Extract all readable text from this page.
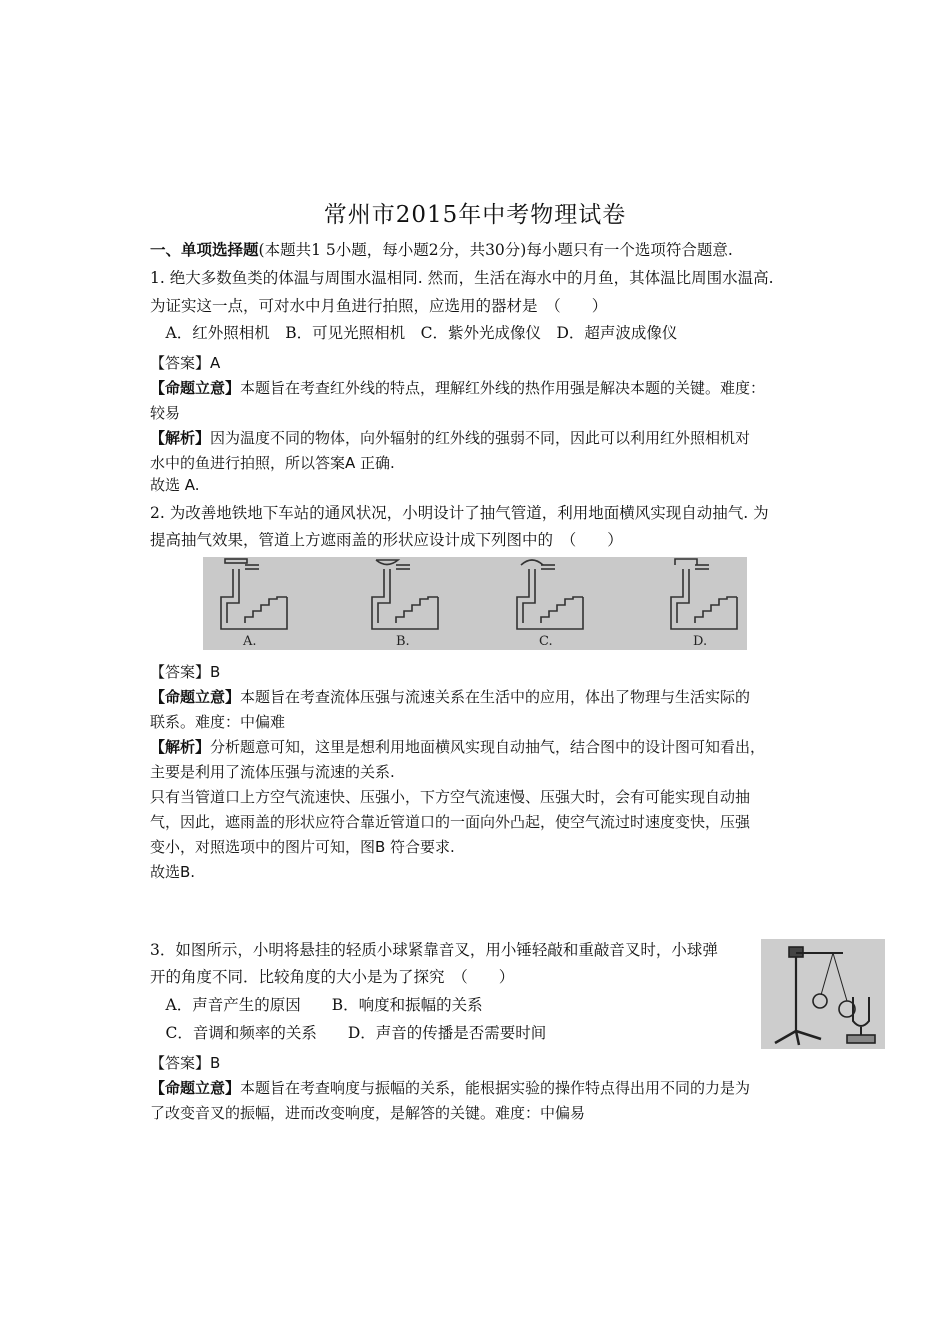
常州市2015年中考物理试卷
一、单项选择题(本题共1 5小题，每小题2分，共30分)每小题只有一个选项符合题意.
1. 绝大多数鱼类的体温与周围水温相同. 然而，生活在海水中的月鱼，其体温比周围水温高.
为证实这一点，可对水中月鱼进行拍照，应选用的器材是　（　　）
　A．红外照相机　B．可见光照相机　C．紫外光成像仪　D．超声波成像仪
【答案】A
【命题立意】本题旨在考查红外线的特点，理解红外线的热作用强是解决本题的关键。难度：
较易
【解析】因为温度不同的物体，向外辐射的红外线的强弱不同，因此可以利用红外照相机对
水中的鱼进行拍照，所以答案A 正确.
故选 A.
2. 为改善地铁地下车站的通风状况，小明设计了抽气管道，利用地面横风实现自动抽气. 为
提高抽气效果，管道上方遮雨盖的形状应设计成下列图中的　（　　）
A.	B.	C.	D.
【答案】B
【命题立意】本题旨在考查流体压强与流速关系在生活中的应用，体出了物理与生活实际的
联系。难度：中偏难
【解析】分析题意可知，这里是想利用地面横风实现自动抽气，结合图中的设计图可知看出，
主要是利用了流体压强与流速的关系.
只有当管道口上方空气流速快、压强小，下方空气流速慢、压强大时，会有可能实现自动抽
气，因此，遮雨盖的形状应符合靠近管道口的一面向外凸起，使空气流过时速度变快，压强
变小，对照选项中的图片可知，图B 符合要求.
故选B.
3．如图所示，小明将悬挂的轻质小球紧靠音叉，用小锤轻敲和重敲音叉时，小球弹
开的角度不同．比较角度的大小是为了探究　（　　）
　A．声音产生的原因　　B．响度和振幅的关系
　C．音调和频率的关系　　D．声音的传播是否需要时间
【答案】B
【命题立意】本题旨在考查响度与振幅的关系，能根据实验的操作特点得出用不同的力是为
了改变音叉的振幅，进而改变响度，是解答的关键。难度：中偏易
